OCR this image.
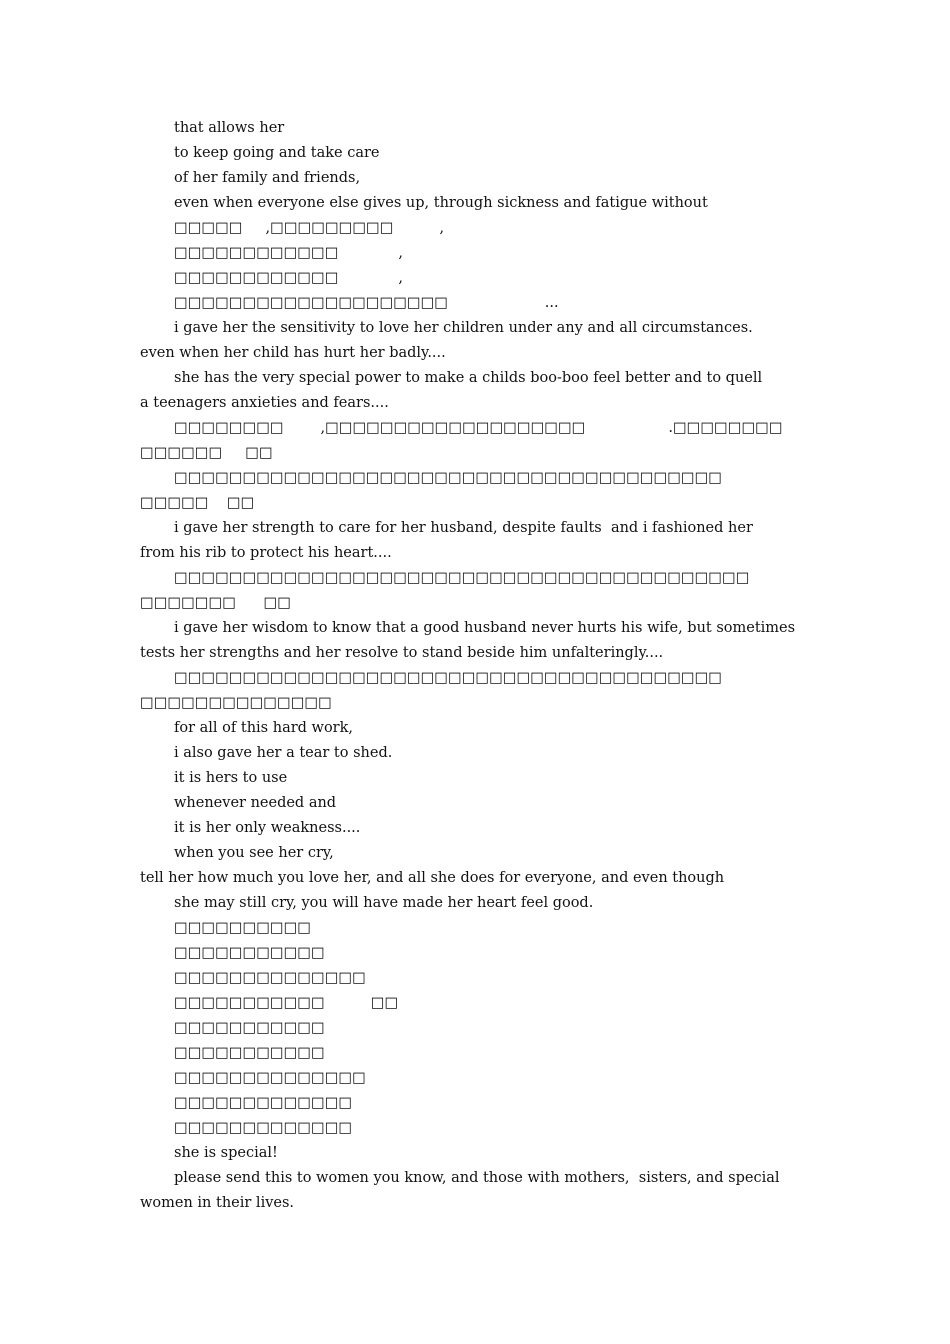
that allows her
to keep going and take care
of her family and friends,
even when everyone else gives up, through sickness and fatigue without
□□□□□     ,□□□□□□□□□          ,
□□□□□□□□□□□□             ,
□□□□□□□□□□□□             ,
□□□□□□□□□□□□□□□□□□□□                     ...
i gave her the sensitivity to love her children under any and all circumstances.
even when her child has hurt her badly....
she has the very special power to make a childs boo-boo feel better and to quell
a teenagers anxieties and fears....
□□□□□□□□        ,□□□□□□□□□□□□□□□□□□□                  .□□□□□□□□
□□□□□□     □□
□□□□□□□□□□□□□□□□□□□□□□□□□□□□□□□□□□□□□□□□
□□□□□    □□
i gave her strength to care for her husband, despite faults  and i fashioned her
from his rib to protect his heart....
□□□□□□□□□□□□□□□□□□□□□□□□□□□□□□□□□□□□□□□□□□
□□□□□□□      □□
i gave her wisdom to know that a good husband never hurts his wife, but sometimes
tests her strengths and her resolve to stand beside him unfalteringly....
□□□□□□□□□□□□□□□□□□□□□□□□□□□□□□□□□□□□□□□□
□□□□□□□□□□□□□□
for all of this hard work,
i also gave her a tear to shed.
it is hers to use
whenever needed and
it is her only weakness....
when you see her cry,
tell her how much you love her, and all she does for everyone, and even though
she may still cry, you will have made her heart feel good.
□□□□□□□□□□
□□□□□□□□□□□
□□□□□□□□□□□□□□
□□□□□□□□□□□          □□
□□□□□□□□□□□
□□□□□□□□□□□
□□□□□□□□□□□□□□
□□□□□□□□□□□□□
□□□□□□□□□□□□□
she is special!
please send this to women you know, and those with mothers,  sisters, and special
women in their lives.
